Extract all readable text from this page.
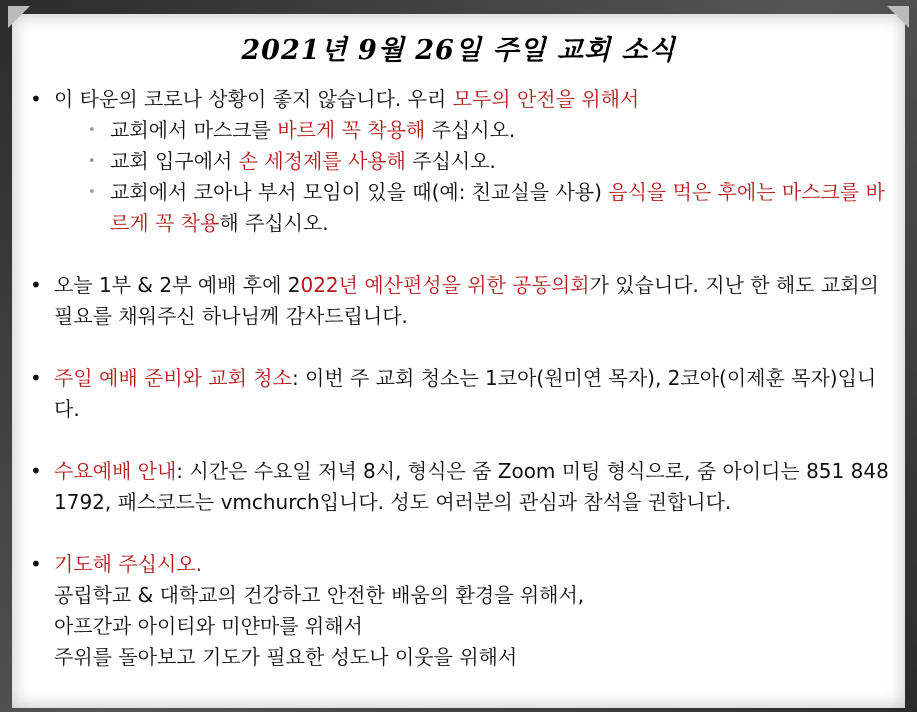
2021년 9월 26일 주일 교회 소식
• 이 타운의 코로나 상황이 좋지 않습니다. 우리 모두의 안전을 위해서
• 교회에서 마스크를 바르게 꼭 착용해 주십시오.
• 교회 입구에서 손 세정제를 사용해 주십시오.
• 교회에서 코아나 부서 모임이 있을 때(예: 친교실을 사용) 음식을 먹은 후에는 마스크를 바르게 꼭 착용해 주십시오.
• 오늘 1부 & 2부 예배 후에 2022년 예산편성을 위한 공동의회가 있습니다. 지난 한 해도 교회의 필요를 채워주신 하나님께 감사드립니다.
• 주일 예배 준비와 교회 청소: 이번 주 교회 청소는 1코아(원미연 목자), 2코아(이제훈 목자)입니다.
• 수요예배 안내: 시간은 수요일 저녁 8시, 형식은 줌 Zoom 미팅 형식으로, 줌 아이디는 851 848 1792, 패스코드는 vmchurch입니다. 성도 여러분의 관심과 참석을 권합니다.
• 기도해 주십시오.
공립학교 & 대학교의 건강하고 안전한 배움의 환경을 위해서,
아프간과 아이티와 미얀마를 위해서
주위를 돌아보고 기도가 필요한 성도나 이웃을 위해서
